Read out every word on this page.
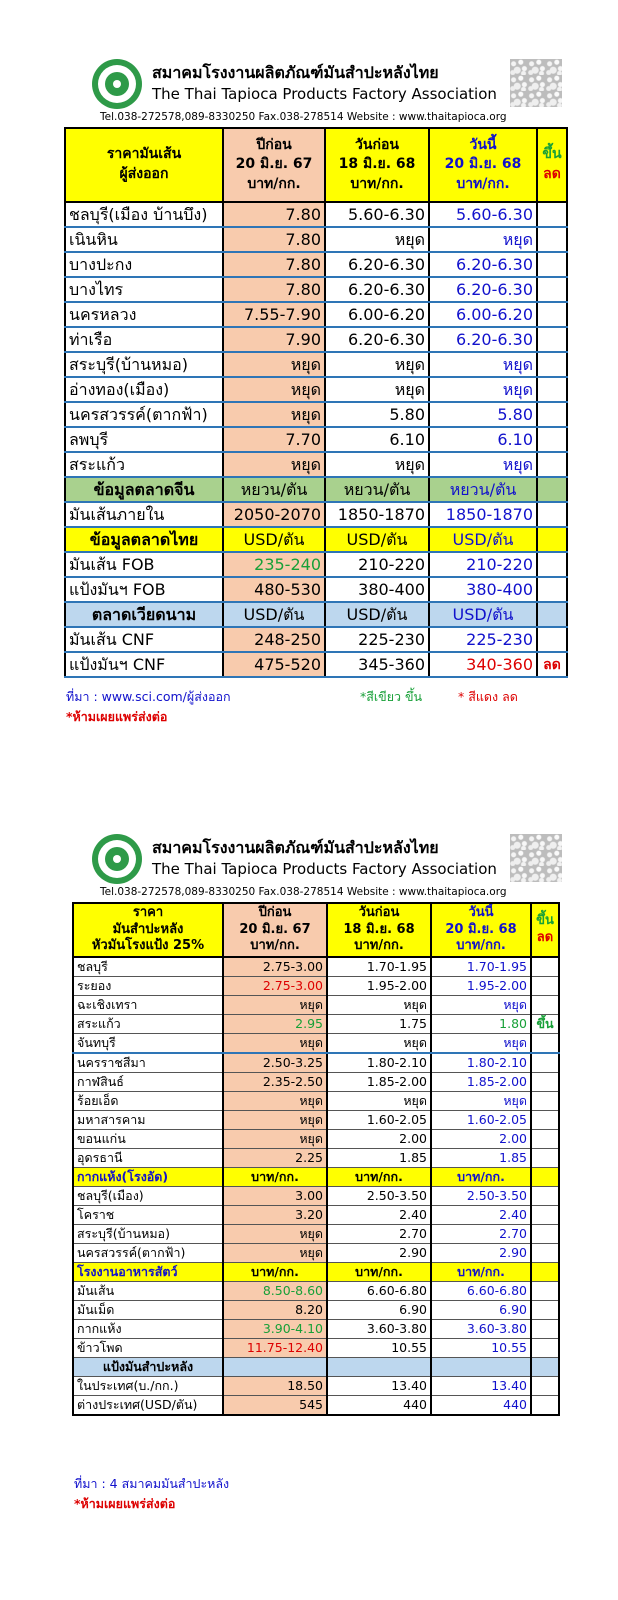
สมาคมโรงงานผลิตภัณฑ์มันสำปะหลังไทย
The Thai Tapioca Products Factory Association
Tel.038-272578,089-8330250 Fax.038-278514 Website : www.thaitapioca.org
ราคามันเส้น
ผู้ส่งออก	ปีก่อน
20 มิ.ย. 67
บาท/กก.	วันก่อน
18 มิ.ย. 68
บาท/กก.	วันนี้
20 มิ.ย. 68
บาท/กก.	ขึ้น
ลด
ชลบุรี(เมือง บ้านบึง)	7.80	5.60-6.30	5.60-6.30	
เนินหิน	7.80	หยุด	หยุด	
บางปะกง	7.80	6.20-6.30	6.20-6.30	
บางไทร	7.80	6.20-6.30	6.20-6.30	
นครหลวง	7.55-7.90	6.00-6.20	6.00-6.20	
ท่าเรือ	7.90	6.20-6.30	6.20-6.30	
สระบุรี(บ้านหมอ)	หยุด	หยุด	หยุด	
อ่างทอง(เมือง)	หยุด	หยุด	หยุด	
นครสวรรค์(ตากฟ้า)	หยุด	5.80	5.80	
ลพบุรี	7.70	6.10	6.10	
สระแก้ว	หยุด	หยุด	หยุด	
ข้อมูลตลาดจีน	หยวน/ตัน	หยวน/ตัน	หยวน/ตัน	
มันเส้นภายใน	2050-2070	1850-1870	1850-1870	
ข้อมูลตลาดไทย	USD/ตัน	USD/ตัน	USD/ตัน	
มันเส้น FOB	235-240	210-220	210-220	
แป้งมันฯ FOB	480-530	380-400	380-400	
ตลาดเวียดนาม	USD/ตัน	USD/ตัน	USD/ตัน	
มันเส้น CNF	248-250	225-230	225-230	
แป้งมันฯ CNF	475-520	345-360	340-360	ลด
ที่มา : www.sci.com/ผู้ส่งออก	*สีเขียว ขึ้น	* สีแดง ลด
*ห้ามเผยแพร่ส่งต่อ
สมาคมโรงงานผลิตภัณฑ์มันสำปะหลังไทย
The Thai Tapioca Products Factory Association
Tel.038-272578,089-8330250 Fax.038-278514 Website : www.thaitapioca.org
ราคา
มันสำปะหลัง
หัวมันโรงแป้ง 25%	ปีก่อน
20 มิ.ย. 67
บาท/กก.	วันก่อน
18 มิ.ย. 68
บาท/กก.	วันนี้
20 มิ.ย. 68
บาท/กก.	ขึ้น
ลด
ชลบุรี	2.75-3.00	1.70-1.95	1.70-1.95	
ระยอง	2.75-3.00	1.95-2.00	1.95-2.00	
ฉะเชิงเทรา	หยุด	หยุด	หยุด	
สระแก้ว	2.95	1.75	1.80	ขึ้น
จันทบุรี	หยุด	หยุด	หยุด	
นครราชสีมา	2.50-3.25	1.80-2.10	1.80-2.10	
กาฬสินธ์	2.35-2.50	1.85-2.00	1.85-2.00	
ร้อยเอ็ด	หยุด	หยุด	หยุด	
มหาสารคาม	หยุด	1.60-2.05	1.60-2.05	
ขอนแก่น	หยุด	2.00	2.00	
อุดรธานี	2.25	1.85	1.85	
กากแห้ง(โรงอัด)	บาท/กก.	บาท/กก.	บาท/กก.	
ชลบุรี(เมือง)	3.00	2.50-3.50	2.50-3.50	
โคราช	3.20	2.40	2.40	
สระบุรี(บ้านหมอ)	หยุด	2.70	2.70	
นครสวรรค์(ตากฟ้า)	หยุด	2.90	2.90	
โรงงานอาหารสัตว์	บาท/กก.	บาท/กก.	บาท/กก.	
มันเส้น	8.50-8.60	6.60-6.80	6.60-6.80	
มันเม็ด	8.20	6.90	6.90	
กากแห้ง	3.90-4.10	3.60-3.80	3.60-3.80	
ข้าวโพด	11.75-12.40	10.55	10.55	
แป้งมันสำปะหลัง				
ในประเทศ(บ./กก.)	18.50	13.40	13.40	
ต่างประเทศ(USD/ตัน)	545	440	440	
ที่มา : 4 สมาคมมันสำปะหลัง
*ห้ามเผยแพร่ส่งต่อ
